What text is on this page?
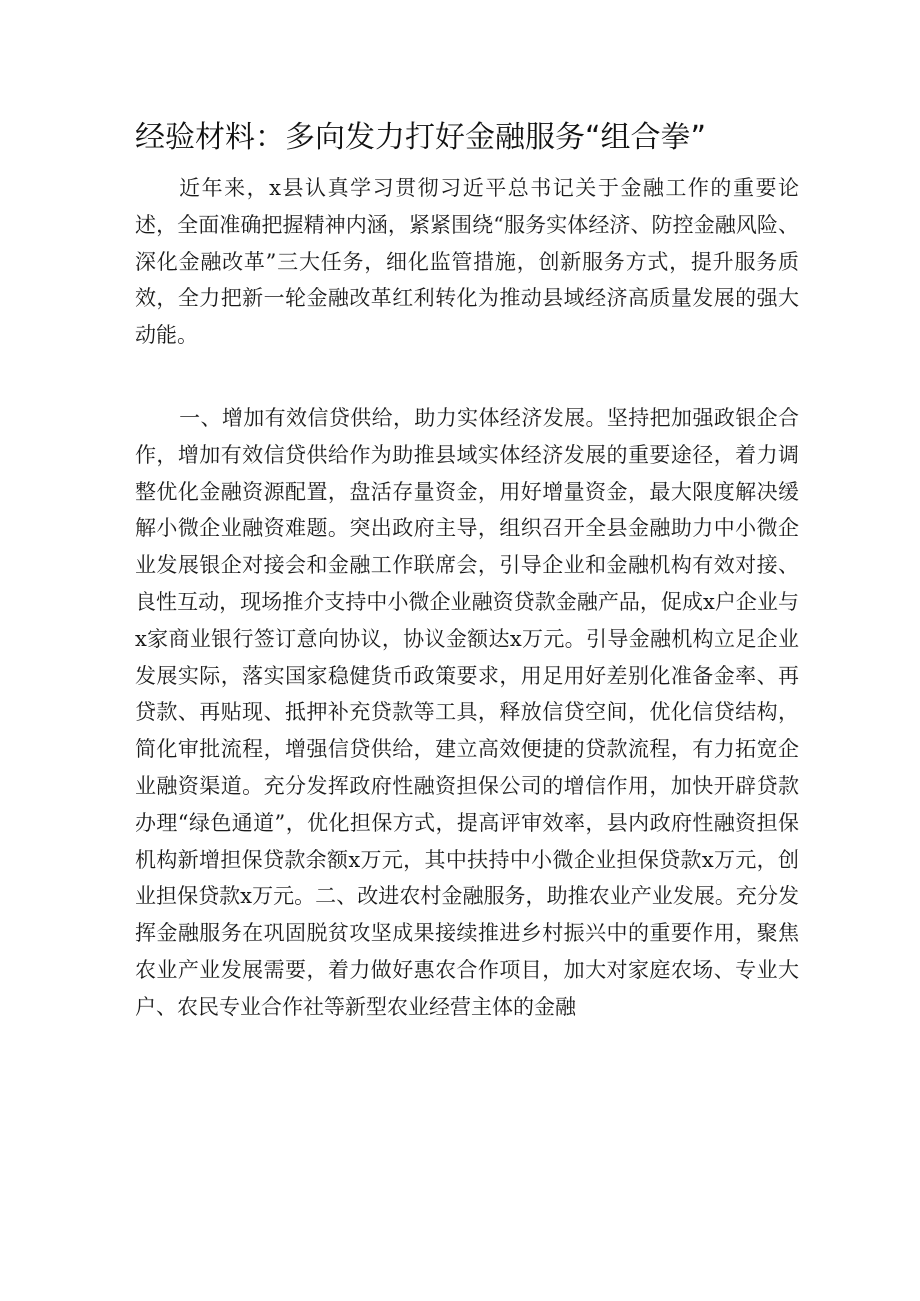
经验材料：多向发力打好金融服务“组合拳”

近年来，x县认真学习贯彻习近平总书记关于金融工作的重要论述，全面准确把握精神内涵，紧紧围绕“服务实体经济、防控金融风险、深化金融改革”三大任务，细化监管措施，创新服务方式，提升服务质效，全力把新一轮金融改革红利转化为推动县域经济高质量发展的强大动能。

一、增加有效信贷供给，助力实体经济发展。坚持把加强政银企合作，增加有效信贷供给作为助推县域实体经济发展的重要途径，着力调整优化金融资源配置，盘活存量资金，用好增量资金，最大限度解决缓解小微企业融资难题。突出政府主导，组织召开全县金融助力中小微企业发展银企对接会和金融工作联席会，引导企业和金融机构有效对接、良性互动，现场推介支持中小微企业融资贷款金融产品，促成x户企业与x家商业银行签订意向协议，协议金额达x万元。引导金融机构立足企业发展实际，落实国家稳健货币政策要求，用足用好差别化准备金率、再贷款、再贴现、抵押补充贷款等工具，释放信贷空间，优化信贷结构，简化审批流程，增强信贷供给，建立高效便捷的贷款流程，有力拓宽企业融资渠道。充分发挥政府性融资担保公司的增信作用，加快开辟贷款办理“绿色通道”，优化担保方式，提高评审效率，县内政府性融资担保机构新增担保贷款余额x万元，其中扶持中小微企业担保贷款x万元，创业担保贷款x万元。二、改进农村金融服务，助推农业产业发展。充分发挥金融服务在巩固脱贫攻坚成果接续推进乡村振兴中的重要作用，聚焦农业产业发展需要，着力做好惠农合作项目，加大对家庭农场、专业大户、农民专业合作社等新型农业经营主体的金融
